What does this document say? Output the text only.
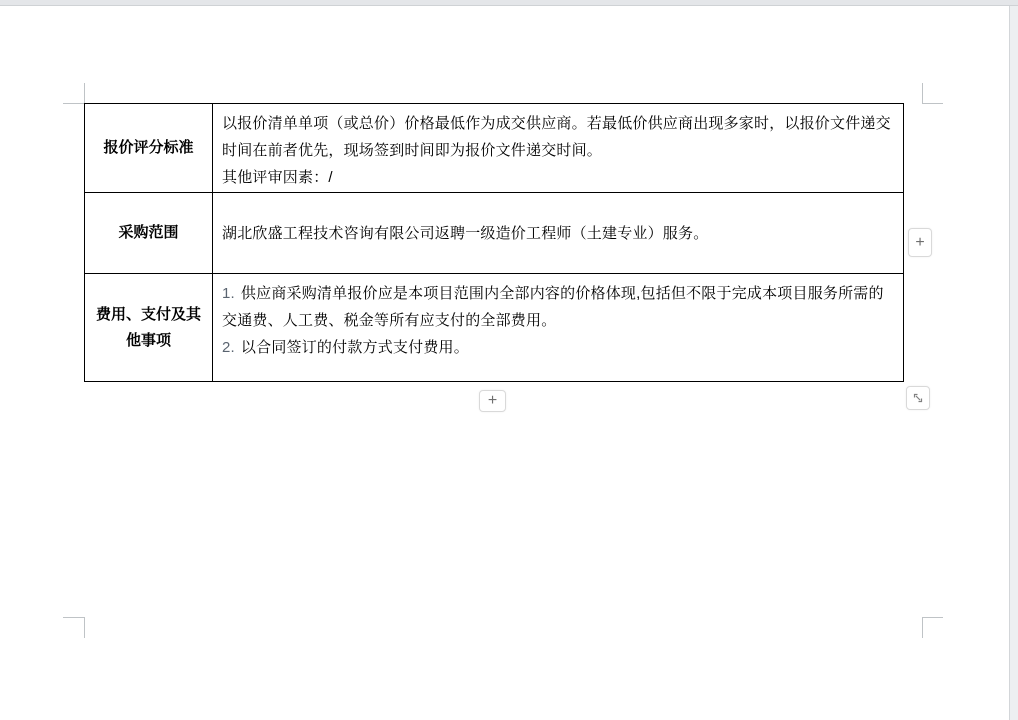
报价评分标准

以报价清单单项（或总价）价格最低作为成交供应商。若最低价供应商出现多家时，以报价文件递交时间在前者优先，现场签到时间即为报价文件递交时间。

其他评审因素：/

采购范围	湖北欣盛工程技术咨询有限公司返聘一级造价工程师（土建专业）服务。

费用、支付及其他事项

1. 供应商采购清单报价应是本项目范围内全部内容的价格体现,包括但不限于完成本项目服务所需的交通费、人工费、税金等所有应支付的全部费用。

2. 以合同签订的付款方式支付费用。

+
+
